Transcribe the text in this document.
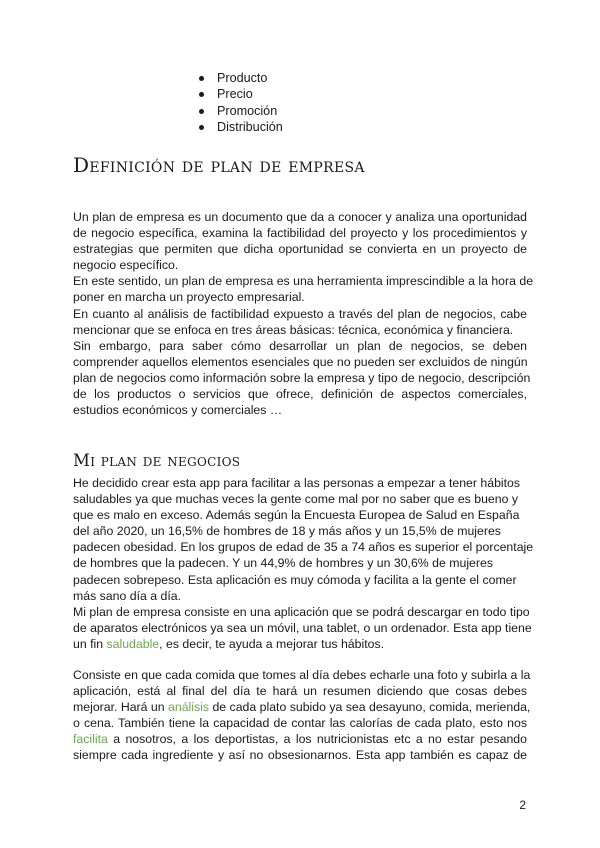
Producto
Precio
Promoción
Distribución
Definición de plan de empresa
Un plan de empresa es un documento que da a conocer y analiza una oportunidad
de negocio específica, examina la factibilidad del proyecto y los procedimientos y
estrategias que permiten que dicha oportunidad se convierta en un proyecto de
negocio específico.
En este sentido, un plan de empresa es una herramienta imprescindible a la hora de
poner en marcha un proyecto empresarial.
En cuanto al análisis de factibilidad expuesto a través del plan de negocios, cabe
mencionar que se enfoca en tres áreas básicas: técnica, económica y financiera.
Sin embargo, para saber cómo desarrollar un plan de negocios, se deben
comprender aquellos elementos esenciales que no pueden ser excluidos de ningún
plan de negocios como información sobre la empresa y tipo de negocio, descripción
de los productos o servicios que ofrece, definición de aspectos comerciales,
estudios económicos y comerciales …
Mi plan de negocios
He decidido crear esta app para facilitar a las personas a empezar a tener hábitos
saludables ya que muchas veces la gente come mal por no saber que es bueno y
que es malo en exceso. Además según la Encuesta Europea de Salud en España
del año 2020, un 16,5% de hombres de 18 y más años y un 15,5% de mujeres
padecen obesidad. En los grupos de edad de 35 a 74 años es superior el porcentaje
de hombres que la padecen. Y un 44,9% de hombres y un 30,6% de mujeres
padecen sobrepeso. Esta aplicación es muy cómoda y facilita a la gente el comer
más sano día a día.
Mi plan de empresa consiste en una aplicación que se podrá descargar en todo tipo
de aparatos electrónicos ya sea un móvil, una tablet, o un ordenador. Esta app tiene
un fin saludable, es decir, te ayuda a mejorar tus hábitos.
Consiste en que cada comida que tomes al día debes echarle una foto y subirla a la
aplicación, está al final del día te hará un resumen diciendo que cosas debes
mejorar. Hará un análisis de cada plato subido ya sea desayuno, comida, merienda,
o cena. También tiene la capacidad de contar las calorías de cada plato, esto nos
facilita a nosotros, a los deportistas, a los nutricionistas etc a no estar pesando
siempre cada ingrediente y así no obsesionarnos. Esta app también es capaz de
2
